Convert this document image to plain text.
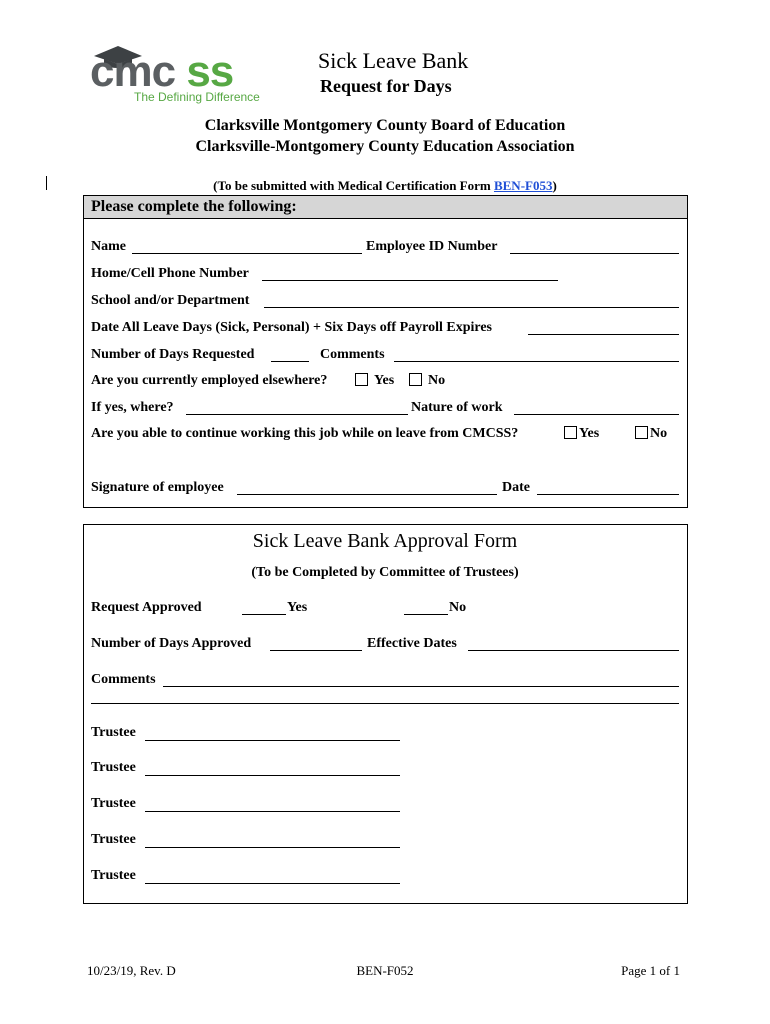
cmc ss
The Defining Difference
Sick Leave Bank
Request for Days
Clarksville Montgomery County Board of Education
Clarksville-Montgomery County Education Association
(To be submitted with Medical Certification Form BEN-F053)
Please complete the following:
Name	Employee ID Number
Home/Cell Phone Number
School and/or Department
Date All Leave Days (Sick, Personal) + Six Days off Payroll Expires
Number of Days Requested	Comments
Are you currently employed elsewhere?	Yes No
If yes, where?	Nature of work
Are you able to continue working this job while on leave from CMCSS?	Yes	No
Signature of employee	Date
Sick Leave Bank Approval Form
(To be Completed by Committee of Trustees)
Request Approved	Yes	No
Number of Days Approved	Effective Dates
Comments
Trustee
Trustee
Trustee
Trustee
Trustee
10/23/19, Rev. D	BEN-F052	Page 1 of 1
